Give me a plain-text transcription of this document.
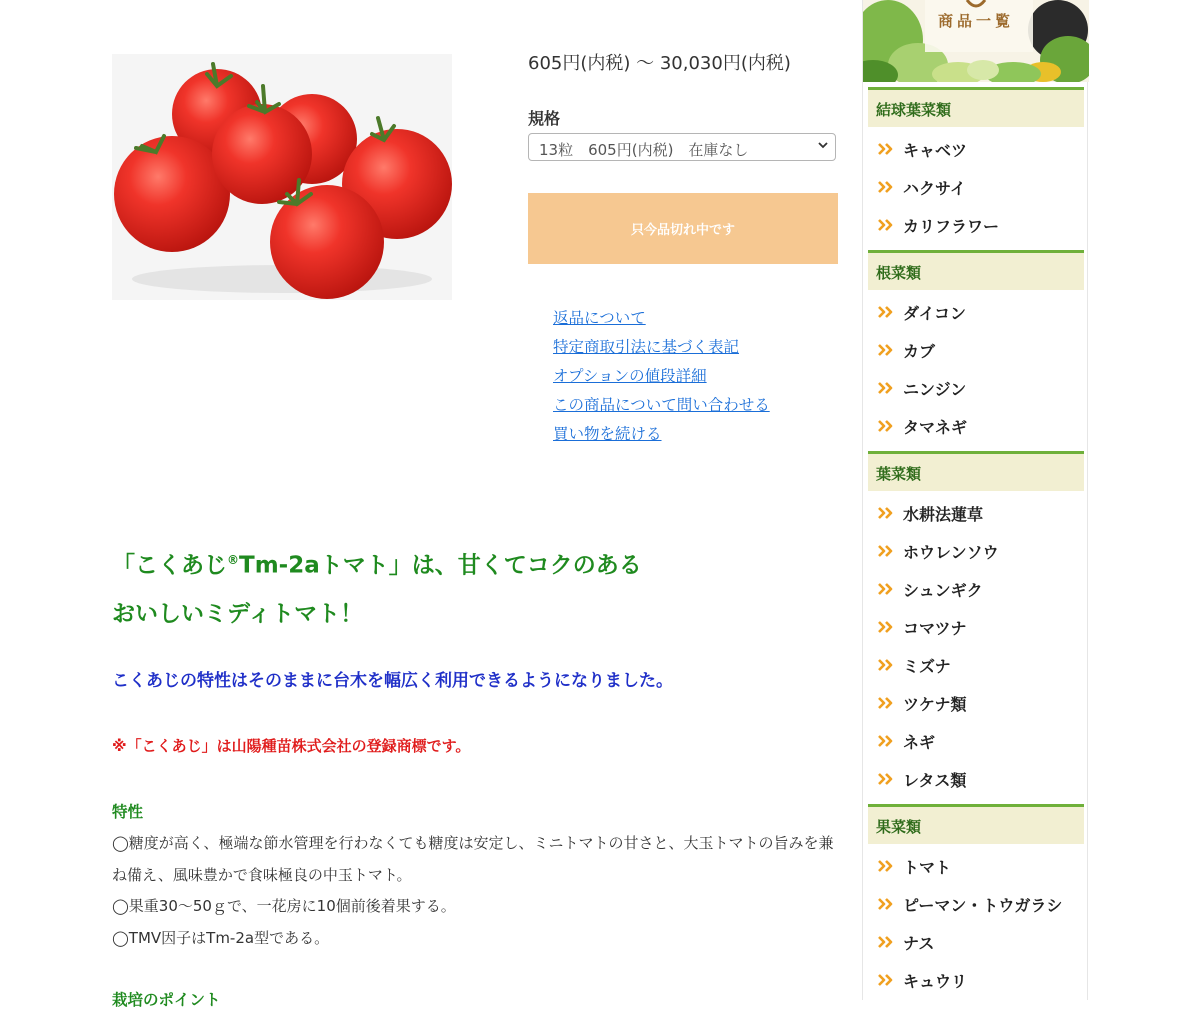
605円(内税) 〜 30,030円(内税)
規格
13粒　605円(内税)　在庫なし
只今品切れ中です
返品について
特定商取引法に基づく表記
オプションの値段詳細
この商品について問い合わせる
買い物を続ける
「こくあじ®Tm-2aトマト」は、甘くてコクのある
おいしいミディトマト！
こくあじの特性はそのままに台木を幅広く利用できるようになりました。
※「こくあじ」は山陽種苗株式会社の登録商標です。
特性

◯糖度が高く、極端な節水管理を行わなくても糖度は安定し、ミニトマトの甘さと、大玉トマトの旨みを兼ね備え、風味豊かで食味極良の中玉トマト。

◯果重30〜50ｇで、一花房に10個前後着果する。

◯TMV因子はTm-2a型である。

栽培のポイント
商品一覧
結球葉菜類
キャベツ
ハクサイ
カリフラワー
根菜類
ダイコン
カブ
ニンジン
タマネギ
葉菜類
水耕法蓮草
ホウレンソウ
シュンギク
コマツナ
ミズナ
ツケナ類
ネギ
レタス類
果菜類
トマト
ピーマン・トウガラシ
ナス
キュウリ
